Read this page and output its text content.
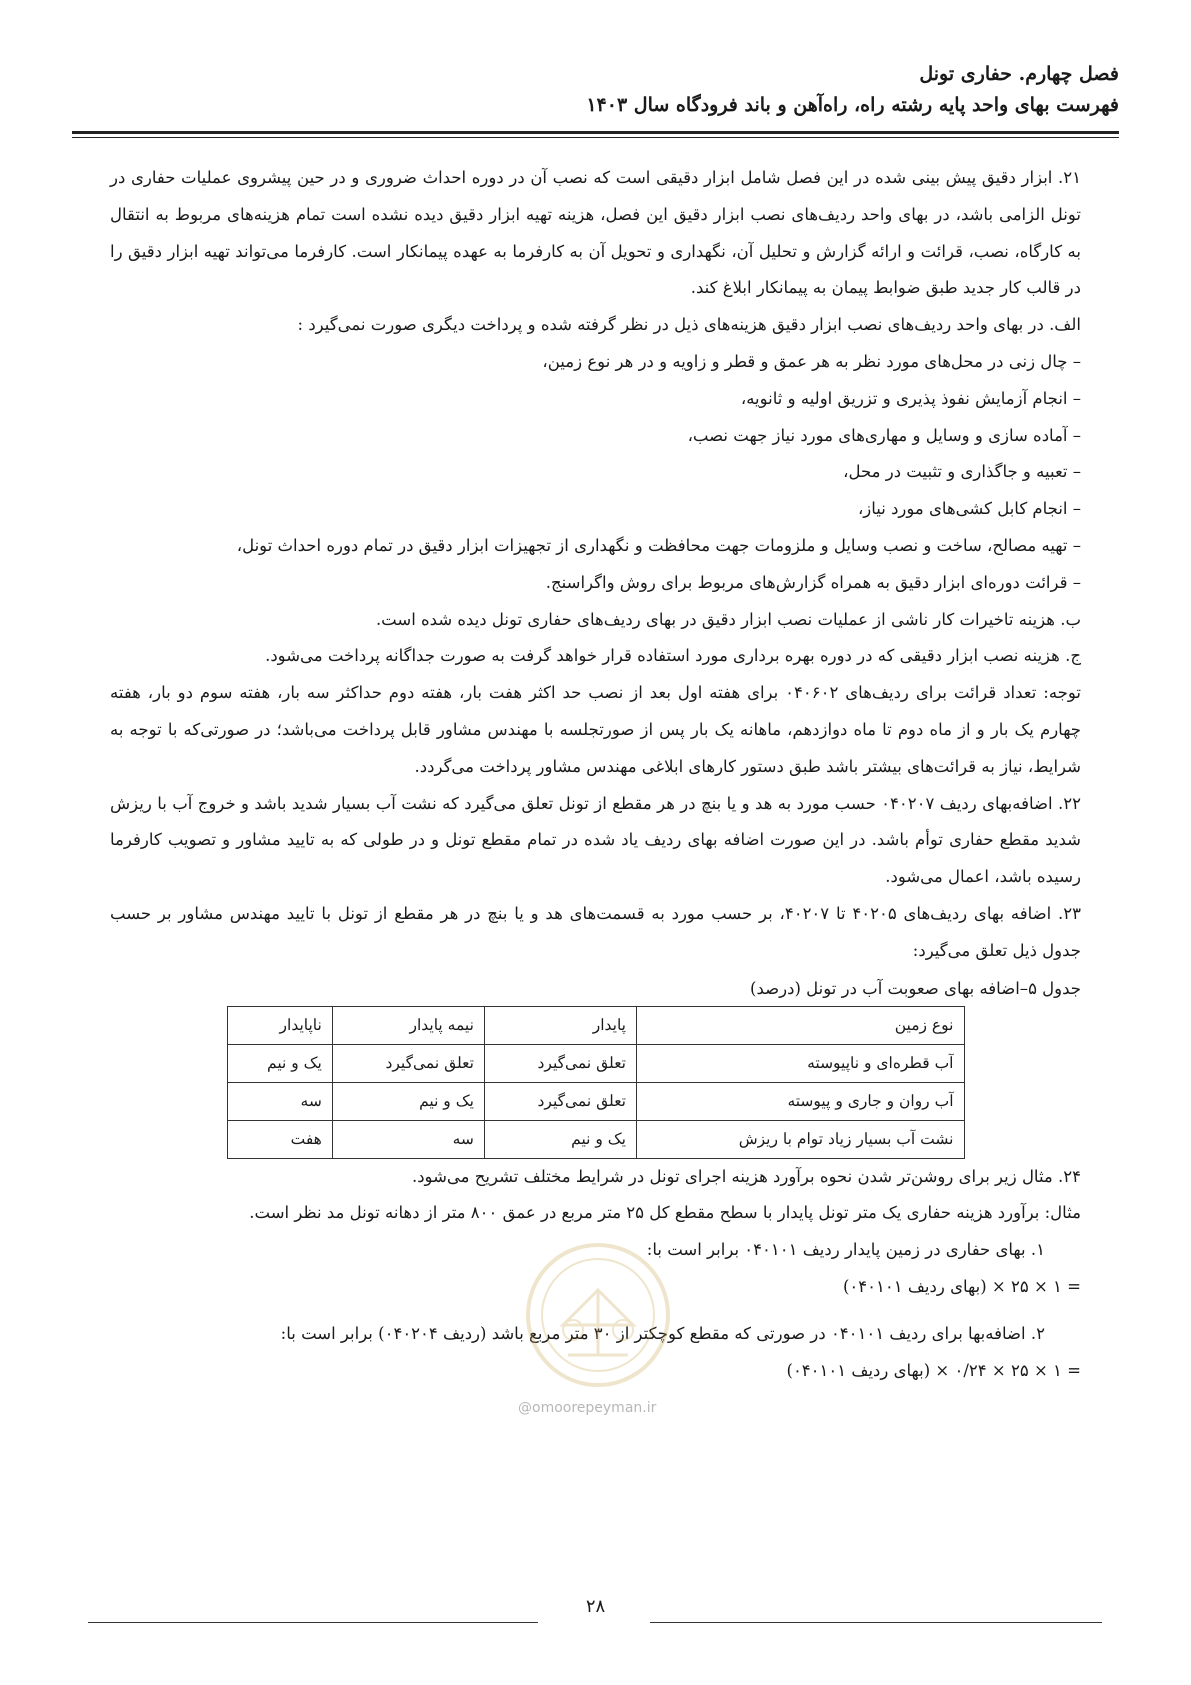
فصل چهارم. حفاری تونل
فهرست بهای واحد پایه رشته راه، راه‌آهن و باند فرودگاه سال ۱۴۰۳

۲۱. ابزار دقیق پیش بینی شده در این فصل شامل ابزار دقیقی است که نصب آن در دوره احداث ضروری و در حین پیشروی عملیات حفاری در تونل الزامی باشد، در بهای واحد ردیف‌های نصب ابزار دقیق این فصل، هزینه تهیه ابزار دقیق دیده نشده است تمام هزینه‌های مربوط به انتقال به کارگاه، نصب، قرائت و ارائه گزارش و تحلیل آن، نگهداری و تحویل آن به کارفرما به عهده پیمانکار است. کارفرما می‌تواند تهیه ابزار دقیق را در قالب کار جدید طبق ضوابط پیمان به پیمانکار ابلاغ کند.

الف. در بهای واحد ردیف‌های نصب ابزار دقیق هزینه‌های ذیل در نظر گرفته شده و پرداخت دیگری صورت نمی‌گیرد :

– چال زنی در محل‌های مورد نظر به هر عمق و قطر و زاویه و در هر نوع زمین،

– انجام آزمایش نفوذ پذیری و تزریق اولیه و ثانویه،

– آماده سازی و وسایل و مهاری‌های مورد نیاز جهت نصب،

– تعبیه و جاگذاری و تثبیت در محل،

– انجام کابل کشی‌های مورد نیاز،

– تهیه مصالح، ساخت و نصب وسایل و ملزومات جهت محافظت و نگهداری از تجهیزات ابزار دقیق در تمام دوره احداث تونل،

– قرائت دوره‌ای ابزار دقیق به همراه گزارش‌های مربوط برای روش واگراسنج.

ب. هزینه تاخیرات کار ناشی از عملیات نصب ابزار دقیق در بهای ردیف‌های حفاری تونل دیده شده است.

ج. هزینه نصب ابزار دقیقی که در دوره بهره برداری مورد استفاده قرار خواهد گرفت به صورت جداگانه پرداخت می‌شود.

توجه: تعداد قرائت برای ردیف‌های ۰۴۰۶۰۲ برای هفته اول بعد از نصب حد اکثر هفت بار، هفته دوم حداکثر سه بار، هفته سوم دو بار، هفته چهارم یک بار و از ماه دوم تا ماه دوازدهم، ماهانه یک بار پس از صورتجلسه با مهندس مشاور قابل پرداخت می‌باشد؛ در صورتی‌که با توجه به شرایط، نیاز به قرائت‌های بیشتر باشد طبق دستور کارهای ابلاغی مهندس مشاور پرداخت می‌گردد.

۲۲. اضافه‌بهای ردیف ۰۴۰۲۰۷ حسب مورد به هد و یا بنچ در هر مقطع از تونل تعلق می‌گیرد که نشت آب بسیار شدید باشد و خروج آب با ریزش شدید مقطع حفاری توأم باشد. در این صورت اضافه بهای ردیف یاد شده در تمام مقطع تونل و در طولی که به تایید مشاور و تصویب کارفرما رسیده باشد، اعمال می‌شود.

۲۳. اضافه بهای ردیف‌های ۴۰۲۰۵ تا ۴۰۲۰۷، بر حسب مورد به قسمت‌های هد و یا بنچ در هر مقطع از تونل با تایید مهندس مشاور بر حسب جدول ذیل تعلق می‌گیرد:

جدول ۵–اضافه بهای صعوبت آب در تونل (درصد)
نوع زمین	پایدار	نیمه پایدار	ناپایدار
آب قطره‌ای و ناپیوسته	تعلق نمی‌گیرد	تعلق نمی‌گیرد	یک و نیم
آب روان و جاری و پیوسته	تعلق نمی‌گیرد	یک و نیم	سه
نشت آب بسیار زیاد توام با ریزش	یک و نیم	سه	هفت

۲۴. مثال زیر برای روشن‌تر شدن نحوه برآورد هزینه اجرای تونل در شرایط مختلف تشریح می‌شود.

مثال: برآورد هزینه حفاری یک متر تونل پایدار با سطح مقطع کل ۲۵ متر مربع در عمق ۸۰۰ متر از دهانه تونل مد نظر است.

۱. بهای حفاری در زمین پایدار ردیف ۰۴۰۱۰۱ برابر است با:

= ۱ × ۲۵ × (بهای ردیف ۰۴۰۱۰۱)

۲. اضافه‌بها برای ردیف ۰۴۰۱۰۱ در صورتی که مقطع کوچکتر از ۳۰ متر مربع باشد (ردیف ۰۴۰۲۰۴) برابر است با:

= ۱ × ۲۵ × ۰/۲۴ × (بهای ردیف ۰۴۰۱۰۱)

@omoorepeyman.ir
۲۸
